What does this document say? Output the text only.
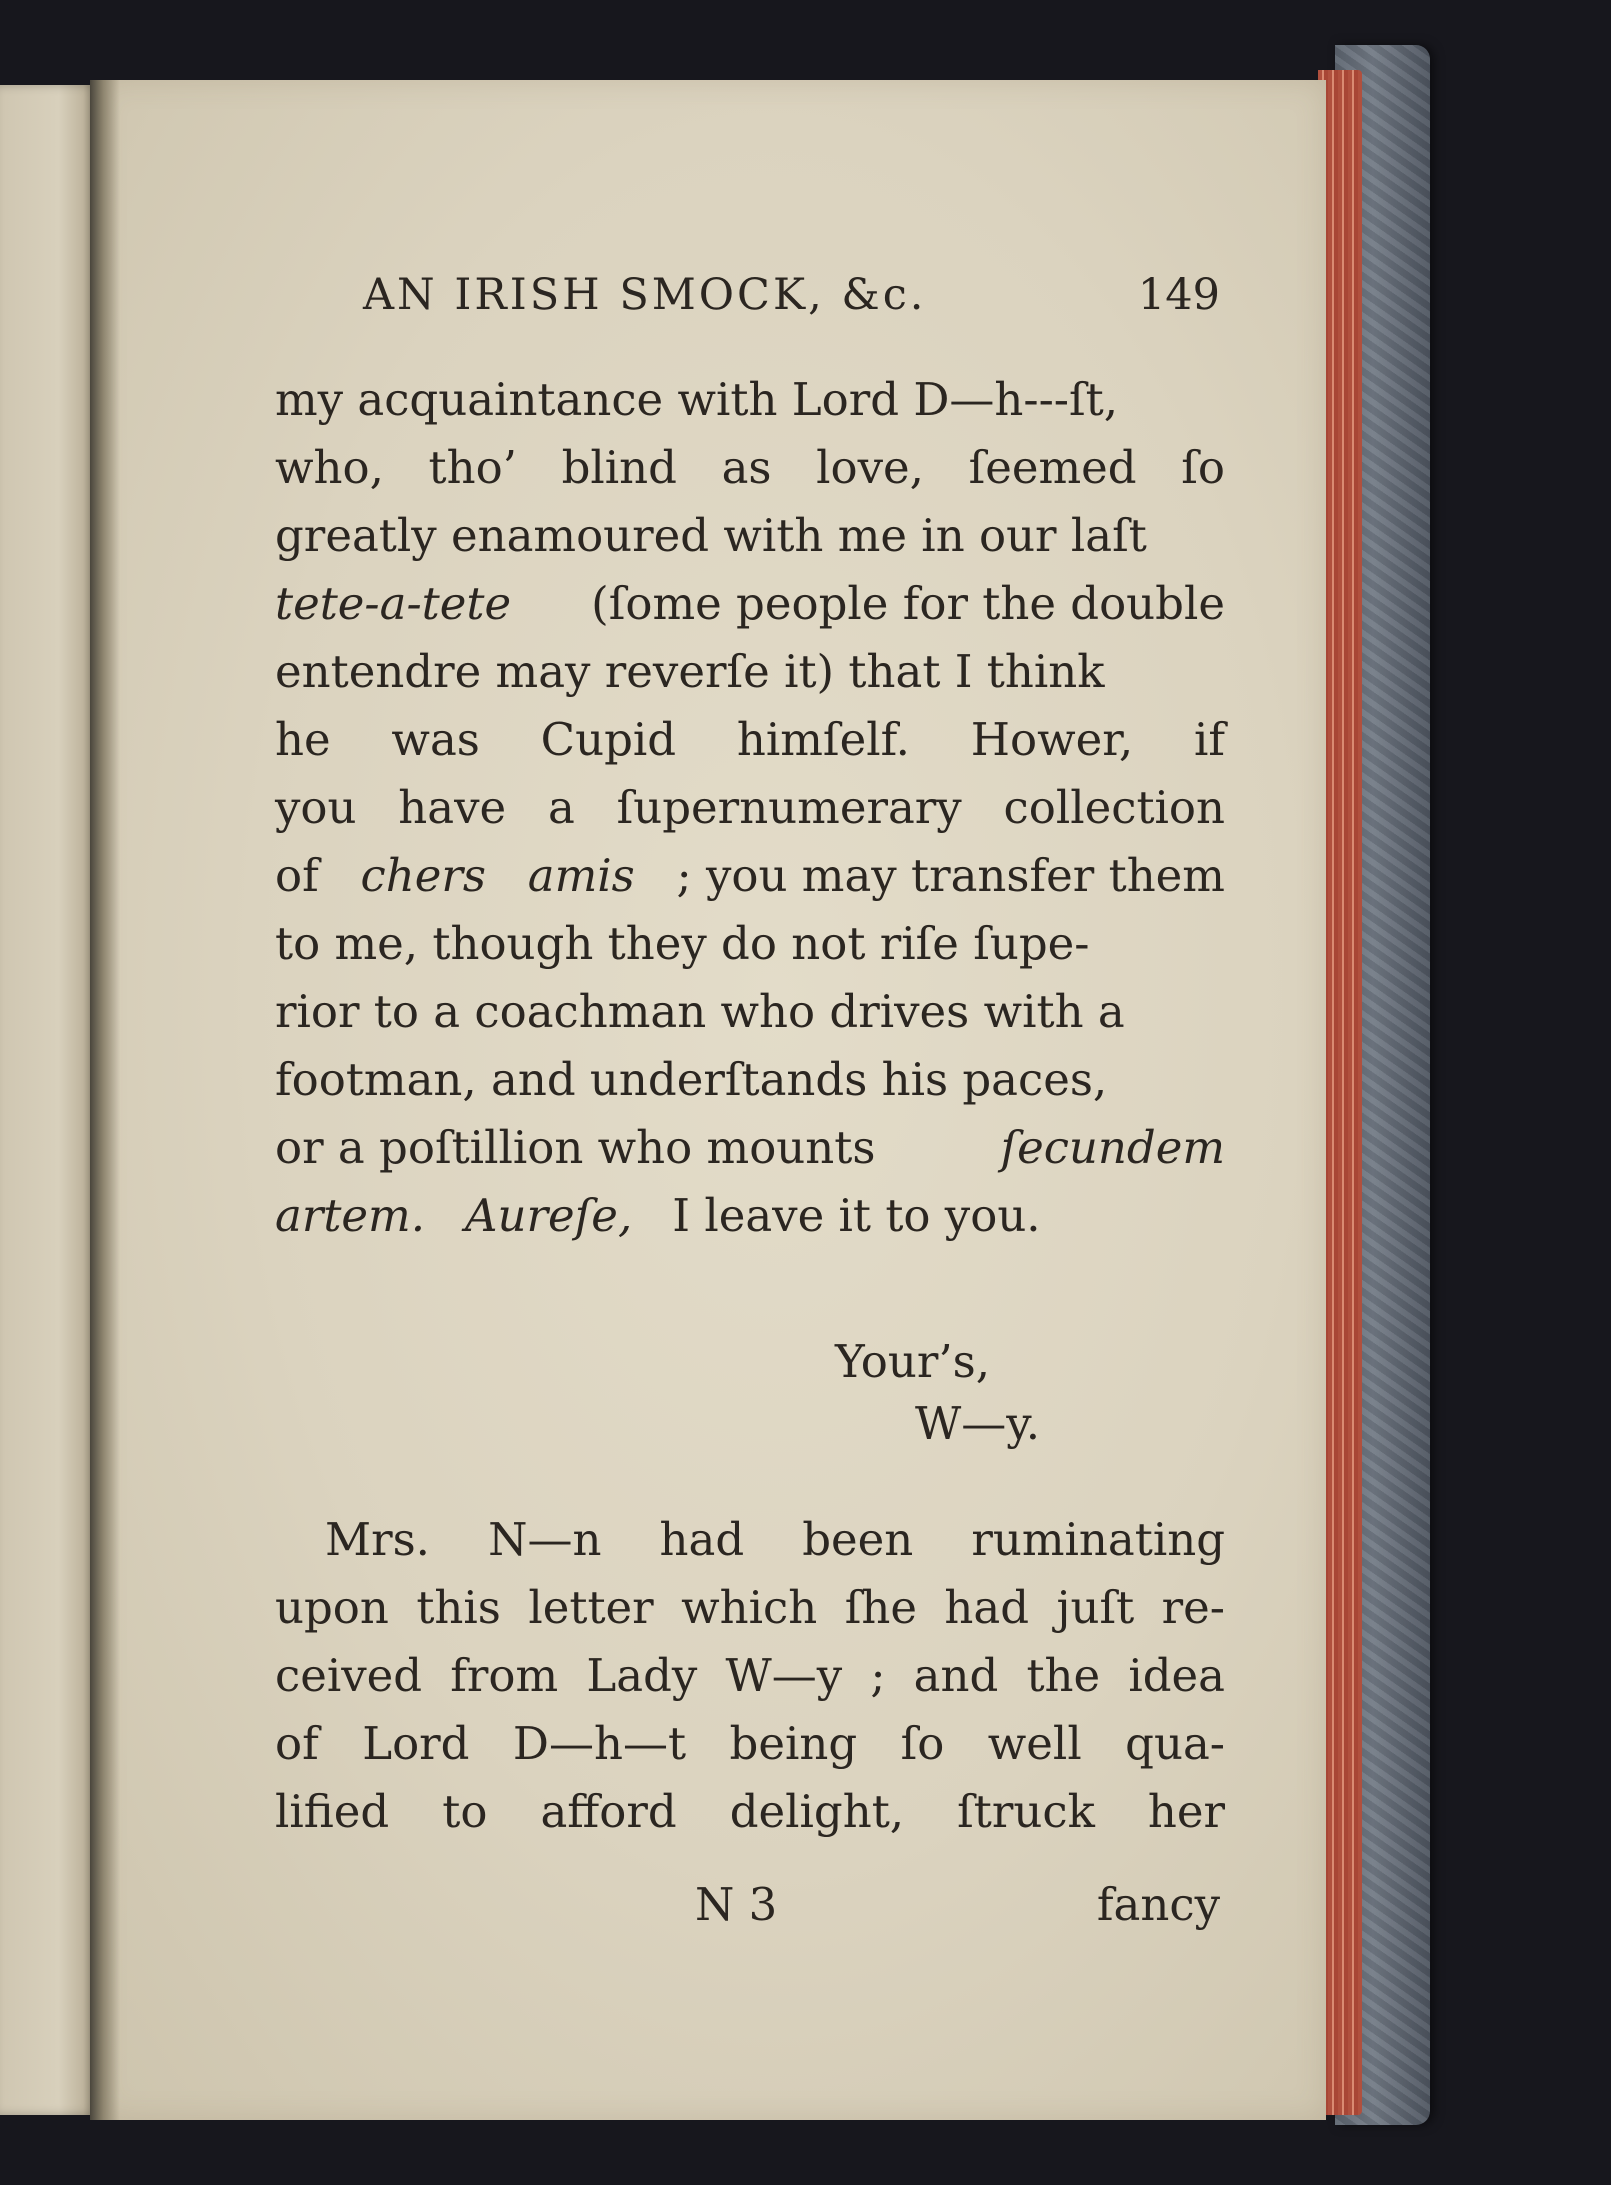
AN IRISH SMOCK, &c.	149
my acquaintance with Lord D—h---ſt,
who, tho’ blind as love, ſeemed ſo
greatly enamoured with me in our laſt
tete-a-tete (ſome people for the double
entendre may reverſe it) that I think
he was Cupid himſelf. Hower, if
you have a ſupernumerary collection
of chers amis ; you may transfer them
to me, though they do not riſe ſupe-
rior to a coachman who drives with a
footman, and underſtands his paces,
or a poſtillion who mounts	ſecundem
artem. Aureſe, I leave it to you.
Your’s,
W—y.
Mrs. N—n had been ruminating
upon this letter which ſhe had juſt re-
ceived from Lady W—y ; and the idea
of Lord D—h—t being ſo well qua-
lified to afford delight, ſtruck her
N 3	fancy
